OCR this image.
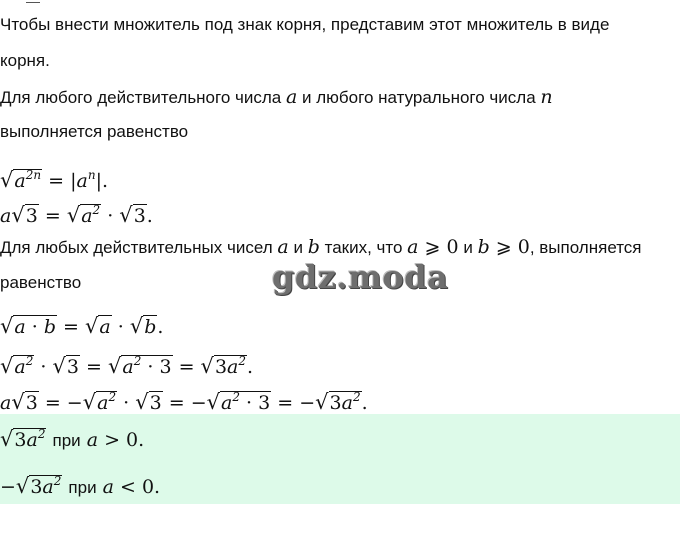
Чтобы внести множитель под знак корня, представим этот множитель в виде
корня.
Для любого действительного числа a и любого натурального числа n
выполняется равенство
$√a^{2n} = |a^n|$.
$a√3 = √a^2 \cdot √3$.
Для любых действительных чисел a и b таких, что a ⩾ 0 и b ⩾ 0, выполняется
равенство	gdz.moda
√a · b = √a · √b.
$√a^2 \cdot √3 = √a^2 \cdot 3 = √3a^2$.
$a√3 = -√a^2 \cdot √3 = -√a^2 \cdot 3 = -√3a^2$.
$√3a^2$ при a > 0.
$-√3a^2$ при a < 0.
